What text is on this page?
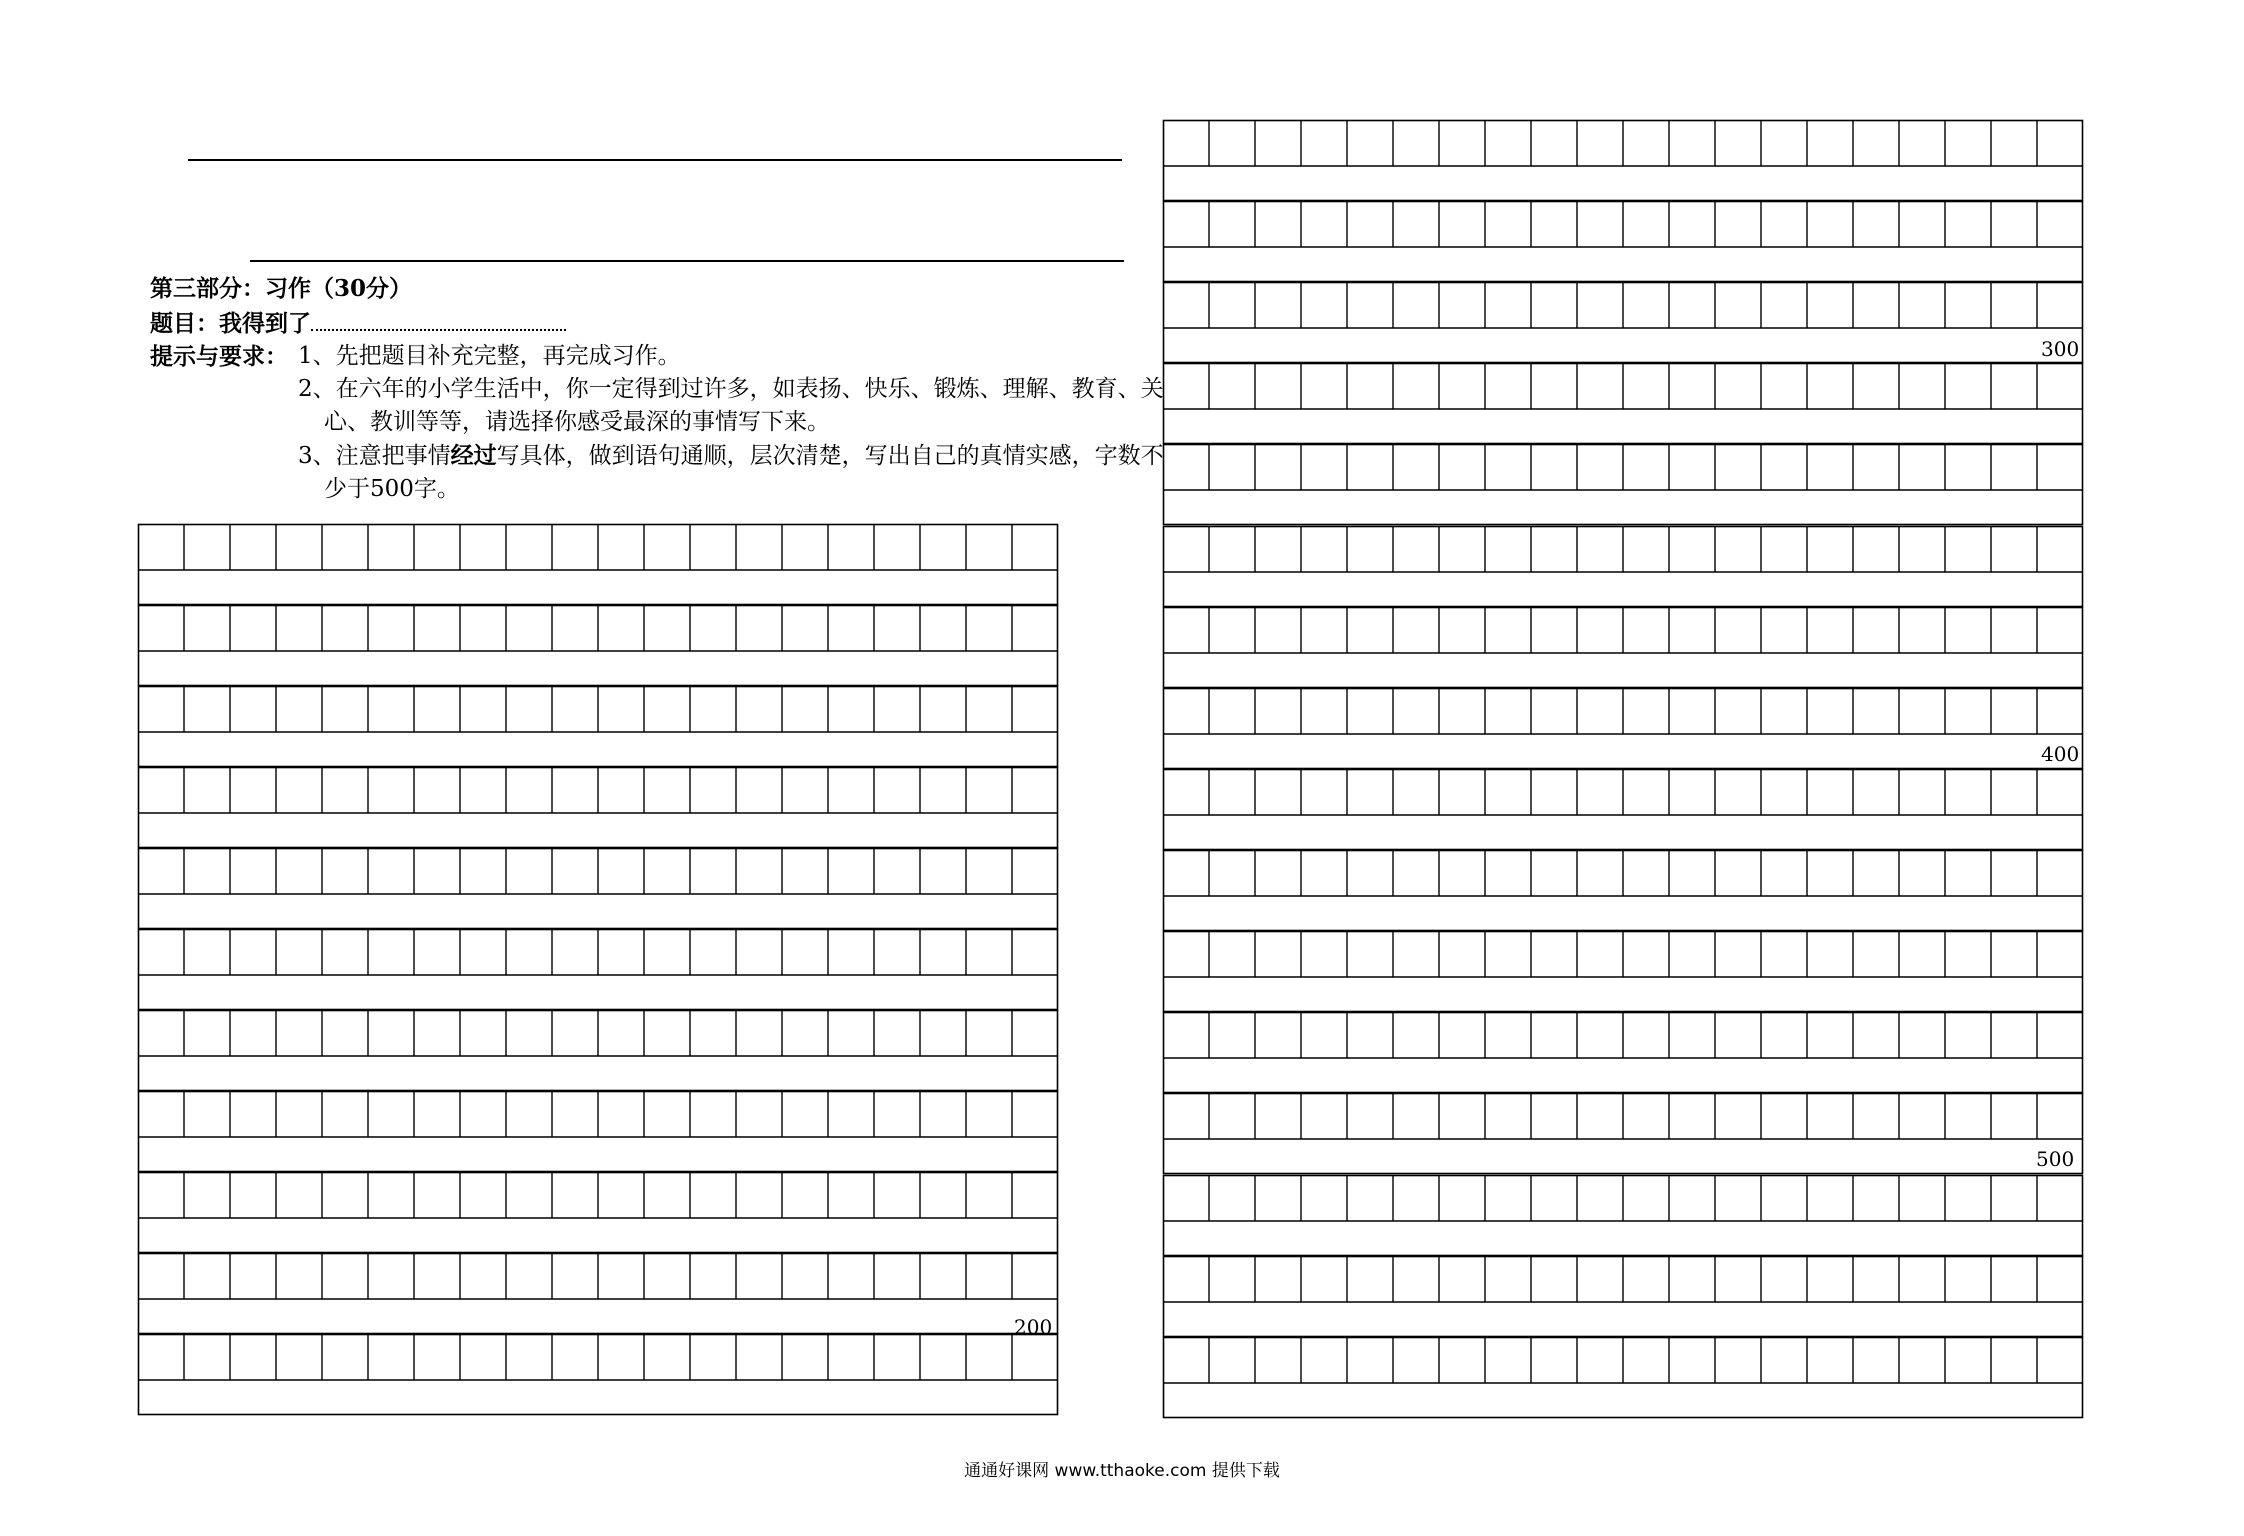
第三部分：习作（30分）
题目：我得到了
提示与要求： 1、先把题目补充完整，再完成习作。
2、在六年的小学生活中，你一定得到过许多，如表扬、快乐、锻炼、理解、教育、关心、教训等等，请选择你感受最深的事情写下来。
3、注意把事情经过写具体，做到语句通顺，层次清楚，写出自己的真情实感，字数不少于500字。
200
300
400
500
通通好课网 www.tthaoke.com 提供下载
